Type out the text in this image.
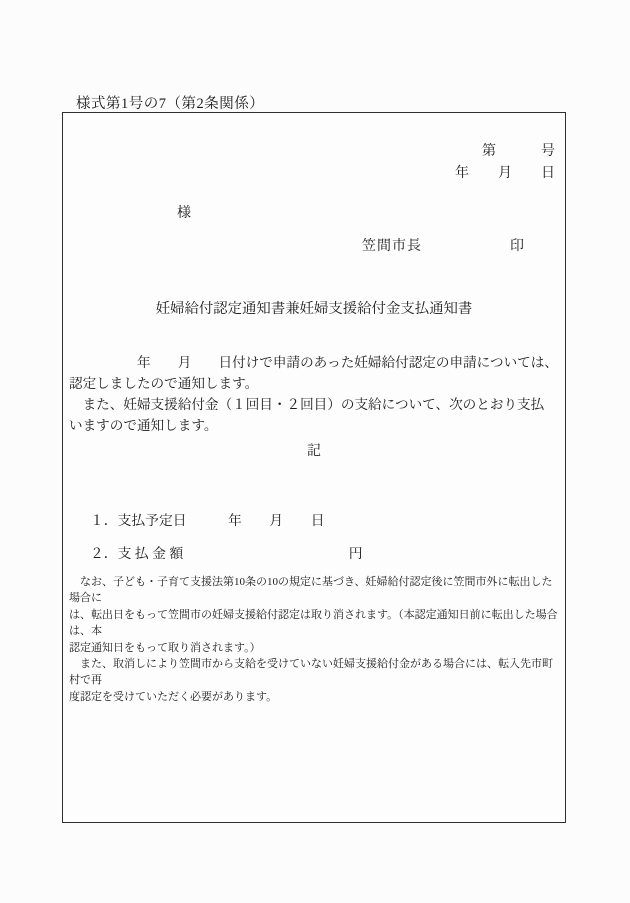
様式第1号の7（第2条関係）
第	号
年 月 日
様
笠間市長	印
妊婦給付認定通知書兼妊婦支援給付金支払通知書
　　　　　年　　月　　日付けで申請のあった妊婦給付認定の申請については、
認定しましたので通知します。
　また、妊婦支援給付金（１回目・２回目）の支給について、次のとおり支払
いますので通知します。
記
１．支払予定日　　　年　　月　　日
２．支 払 金 額　　　　　　　　　　　　円
　なお、子ども・子育て支援法第10条の10の規定に基づき、妊婦給付認定後に笠間市外に転出した場合に
は、転出日をもって笠間市の妊婦支援給付認定は取り消されます。（本認定通知日前に転出した場合は、本
認定通知日をもって取り消されます。）
　また、取消しにより笠間市から支給を受けていない妊婦支援給付金がある場合には、転入先市町村で再
度認定を受けていただく必要があります。
